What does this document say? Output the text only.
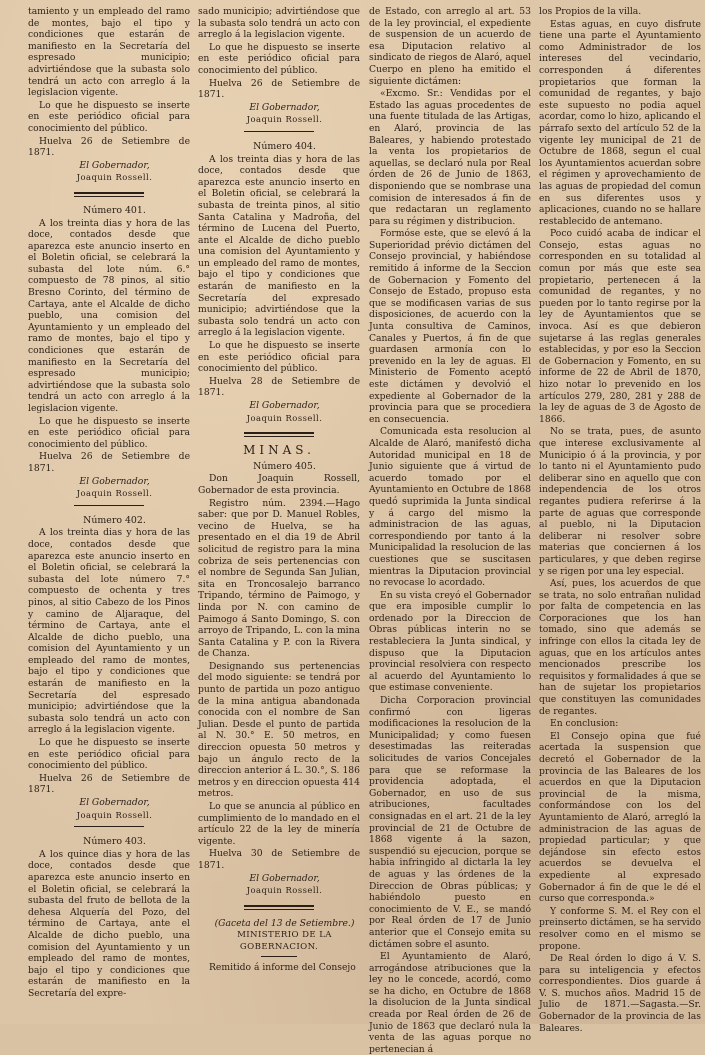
tamiento y un empleado del ramo de montes, bajo el tipo y condiciones que estarán de manifiesto en la Secretaría del espresado municipio; advirtiéndose que la subasta solo tendrá un acto con arreglo á la legislacion vigente.

Lo que he dispuesto se inserte en este periódico oficial para conocimiento del público.

Huelva 26 de Setiembre de 1871.

El Gobernador,

Joaquin Rossell.

Número 401.

A los treinta dias y hora de las doce, contados desde que aparezca este anuncio inserto en el Boletin oficial, se celebrará la subasta del lote núm. 6.° compuesto de 78 pinos, al sitio Bresno Corinto, del término de Cartaya, ante el Alcalde de dicho pueblo, una comision del Ayuntamiento y un empleado del ramo de montes, bajo el tipo y condiciones que estarán de manifiesto en la Secretaría del espresado municipio; advirtiéndose que la subasta solo tendrá un acto con arreglo á la legislacion vigente.

Lo que he dispuesto se inserte en este periódico oficial para conocimiento del público.

Huelva 26 de Setiembre de 1871.

El Gobernador,

Joaquin Rossell.

Número 402.

A los treinta dias y hora de las doce, contados desde que aparezca este anuncio inserto en el Boletin oficial, se celebrará la subasta del lote número 7.° compuesto de ochenta y tres pinos, al sitio Cabezo de los Pinos y camino de Aljaraque, del término de Cartaya, ante el Alcalde de dicho pueblo, una comision del Ayuntamiento y un empleado del ramo de montes, bajo el tipo y condiciones que estarán de manifiesto en la Secretaría del espresado municipio; advirtiéndose que la subasta solo tendrá un acto con arreglo á la legislacion vigente.

Lo que he dispuesto se inserte en este periódico oficial para conocimiento del público.

Huelva 26 de Setiembre de 1871.

El Gobernador,

Joaquin Rossell.

Número 403.

A los quince dias y hora de las doce, contados desde que aparezca este anuncio inserto en el Boletin oficial, se celebrará la subasta del fruto de bellota de la dehesa Alquería del Pozo, del término de Cartaya, ante el Alcalde de dicho pueblo, una comision del Ayuntamiento y un empleado del ramo de montes, bajo el tipo y condiciones que estarán de manifiesto en la Secretaría del expre-

sado municipio; advirtiéndose que la subasta solo tendrá un acto con arreglo á la legislacion vigente.

Lo que he dispuesto se inserte en este periódico oficial para conocimiento del público.

Huelva 26 de Setiembre de 1871.

El Gobernador,

Joaquin Rossell.

Número 404.

A los treinta dias y hora de las doce, contados desde que aparezca este anuncio inserto en el Boletin oficial, se celebrará la subasta de treinta pinos, al sitio Santa Catalina y Madroña, del término de Lucena del Puerto, ante el Alcalde de dicho pueblo una comision del Ayuntamiento y un empleado del ramo de montes, bajo el tipo y condiciones que estarán de manifiesto en la Secretaría del expresado municipio; advirtiéndose que la subasta solo tendrá un acto con arreglo á la legislacion vigente.

Lo que he dispuesto se inserte en este periódico oficial para conocimiento del público.

Huelva 28 de Setiembre de 1871.

El Gobernador,

Joaquin Rossell.

MINAS.

Número 405.

Don Joaquin Rossell, Gobernador de esta provincia.

Registro núm. 2394.—Hago saber: que por D. Manuel Robles, vecino de Huelva, se ha presentado en el dia 19 de Abril solicitud de registro para la mina cobriza de seis pertenencias con el nombre de Segunda San Julian, sita en Troncosalejo barranco Tripando, término de Paimogo, y linda por N. con camino de Paimogo á Santo Domingo, S. con arroyo de Tripando, L. con la mina Santa Catalina y P. con la Rivera de Chanza.

Designando sus pertenencias del modo siguiente: se tendrá por punto de partida un pozo antiguo de la mina antigua abandonada conocida con el nombre de San Julian. Desde el punto de partida al N. 30.° E. 50 metros, en direccion opuesta 50 metros y bajo un ángulo recto de la direccion anterior á L. 30.°, S. 186 metros y en direccion opuesta 414 metros.

Lo que se anuncia al público en cumplimiento de lo mandado en el artículo 22 de la ley de minería vigente.

Huelva 30 de Setiembre de 1871.

El Gobernador,

Joaquin Rossell.

(Gaceta del 13 de Setiembre.)

MINISTERIO DE LA GOBERNACION.

Remitido á informe del Consejo

de Estado, con arreglo al art. 53 de la ley provincial, el expediente de suspension de un acuerdo de esa Diputacion relativo al sindicato de riegos de Alaró, aquel Cuerpo en pleno ha emitido el siguiente dictámen:

«Excmo. Sr.: Vendidas por el Estado las aguas procedentes de una fuente titulada de las Artigas, en Alaró, provincia de las Baleares, y habiendo protestado la venta los propietarios de aquellas, se declaró nula por Real órden de 26 de Junio de 1863, disponiendo que se nombrase una comision de interesados á fin de que redactaran un reglamento para su régimen y distribucion.

Formóse este, que se elevó á la Superioridad prévio dictámen del Consejo provincial, y habiéndose remitido á informe de la Seccion de Gobernacion y Fomento del Consejo de Estado, propuso esta que se modificasen varias de sus disposiciones, de acuerdo con la Junta consultiva de Caminos, Canales y Puertos, á fin de que guardasen armonía con lo prevenido en la ley de aguas. El Ministerio de Fomento aceptó este dictámen y devolvió el expediente al Gobernador de la provincia para que se procediera en consecuencia.

Comunicada esta resolucion al Alcalde de Alaró, manifestó dicha Autoridad municipal en 18 de Junio siguiente que á virtud de acuerdo tomado por el Ayuntamiento en Octubre de 1868 quedó suprimida la Junta sindical y á cargo del mismo la administracion de las aguas, correspondiendo por tanto á la Municipalidad la resolucion de las cuestiones que se suscitasen mientras la Diputacion provincial no revocase lo acordado.

En su vista creyó el Gobernador que era imposible cumplir lo ordenado por la Direccion de Obras públicas interin no se restableciera la Junta sindical, y dispuso que la Diputacion provincial resolviera con respecto al acuerdo del Ayuntamiento lo que estimase conveniente.

Dicha Corporacion provincial confirmó con ligeras modificaciones la resolucion de la Municipalidad; y como fuesen desestimadas las reiteradas solicitudes de varios Concejales para que se reformase la providencia adoptada, el Gobernador, en uso de sus atribuciones, facultades consignadas en el art. 21 de la ley provincial de 21 de Octubre de 1868 vigente á la sazon, suspendió su ejecucion, porque se habia infringido al dictarla la ley de aguas y las órdenes de la Direccion de Obras públicas; y habiéndolo puesto en conocimiento de V. E., se mandó por Real órden de 17 de Junio anterior que el Consejo emita su dictámen sobre el asunto.

El Ayuntamiento de Alaró, arrogándose atribuciones que la ley no le concede, acordó, como se ha dicho, en Octubre de 1868 la disolucion de la Junta sindical creada por Real órden de 26 de Junio de 1863 que declaró nula la venta de las aguas porque no pertenecian á

los Propios de la villa.

Estas aguas, en cuyo disfrute tiene una parte el Ayuntamiento como Administrador de los intereses del vecindario, corresponden á diferentes propietarios que forman la comunidad de regantes, y bajo este supuesto no podia aquel acordar, como lo hizo, aplicando el párrafo sexto del artículo 52 de la vigente ley municipal de 21 de Octubre de 1868, segun el cual los Ayuntamientos acuerdan sobre el régimen y aprovechamiento de las aguas de propiedad del comun en sus diferentes usos y aplicaciones, cuando no se hallare restablecido de antemano.

Poco cuidó acaba de indicar el Consejo, estas aguas no corresponden en su totalidad al comun por más que este sea propietario, pertenecen á la comunidad de regantes, y no pueden por lo tanto regirse por la ley de Ayuntamientos que se invoca. Así es que debieron sujetarse á las reglas generales establecidas, y por eso la Seccion de Gobernacion y Fomento, en su informe de 22 de Abril de 1870, hizo notar lo prevenido en los artículos 279, 280, 281 y 288 de la ley de aguas de 3 de Agosto de 1866.

No se trata, pues, de asunto que interese exclusivamente al Municipio ó á la provincia, y por lo tanto ni el Ayuntamiento pudo deliberar sino en aquello que con independencia de los otros regantes pudiera referirse á la parte de aguas que corresponde al pueblo, ni la Diputacion deliberar ni resolver sobre materias que conciernen á los particulares, y que deben regirse y se rigen por una ley especial.

Así, pues, los acuerdos de que se trata, no solo entrañan nulidad por falta de competencia en las Corporaciones que los han tomado, sino que además se infringe con ellos la citada ley de aguas, que en los artículos antes mencionados prescribe los requisitos y formalidades á que se han de sujetar los propietarios que constituyen las comunidades de regantes.

En conclusion:

El Consejo opina que fué acertada la suspension que decretó el Gobernador de la provincia de las Baleares de los acuerdos en que la Diputacion provincial de la misma, conformándose con los del Ayuntamiento de Alaró, arregló la administracion de las aguas de propiedad particular; y que dejándose sin efecto estos acuerdos se devuelva el expediente al expresado Gobernador á fin de que le dé el curso que corresponda.»

Y conforme S. M. el Rey con el preinserto dictámen, se ha servido resolver como en el mismo se propone.

De Real órden lo digo á V. S. para su inteligencia y efectos correspondientes. Dios guarde á V. S. muchos años. Madrid 15 de Julio de 1871.—Sagasta.—Sr. Gobernador de la provincia de las Baleares.
